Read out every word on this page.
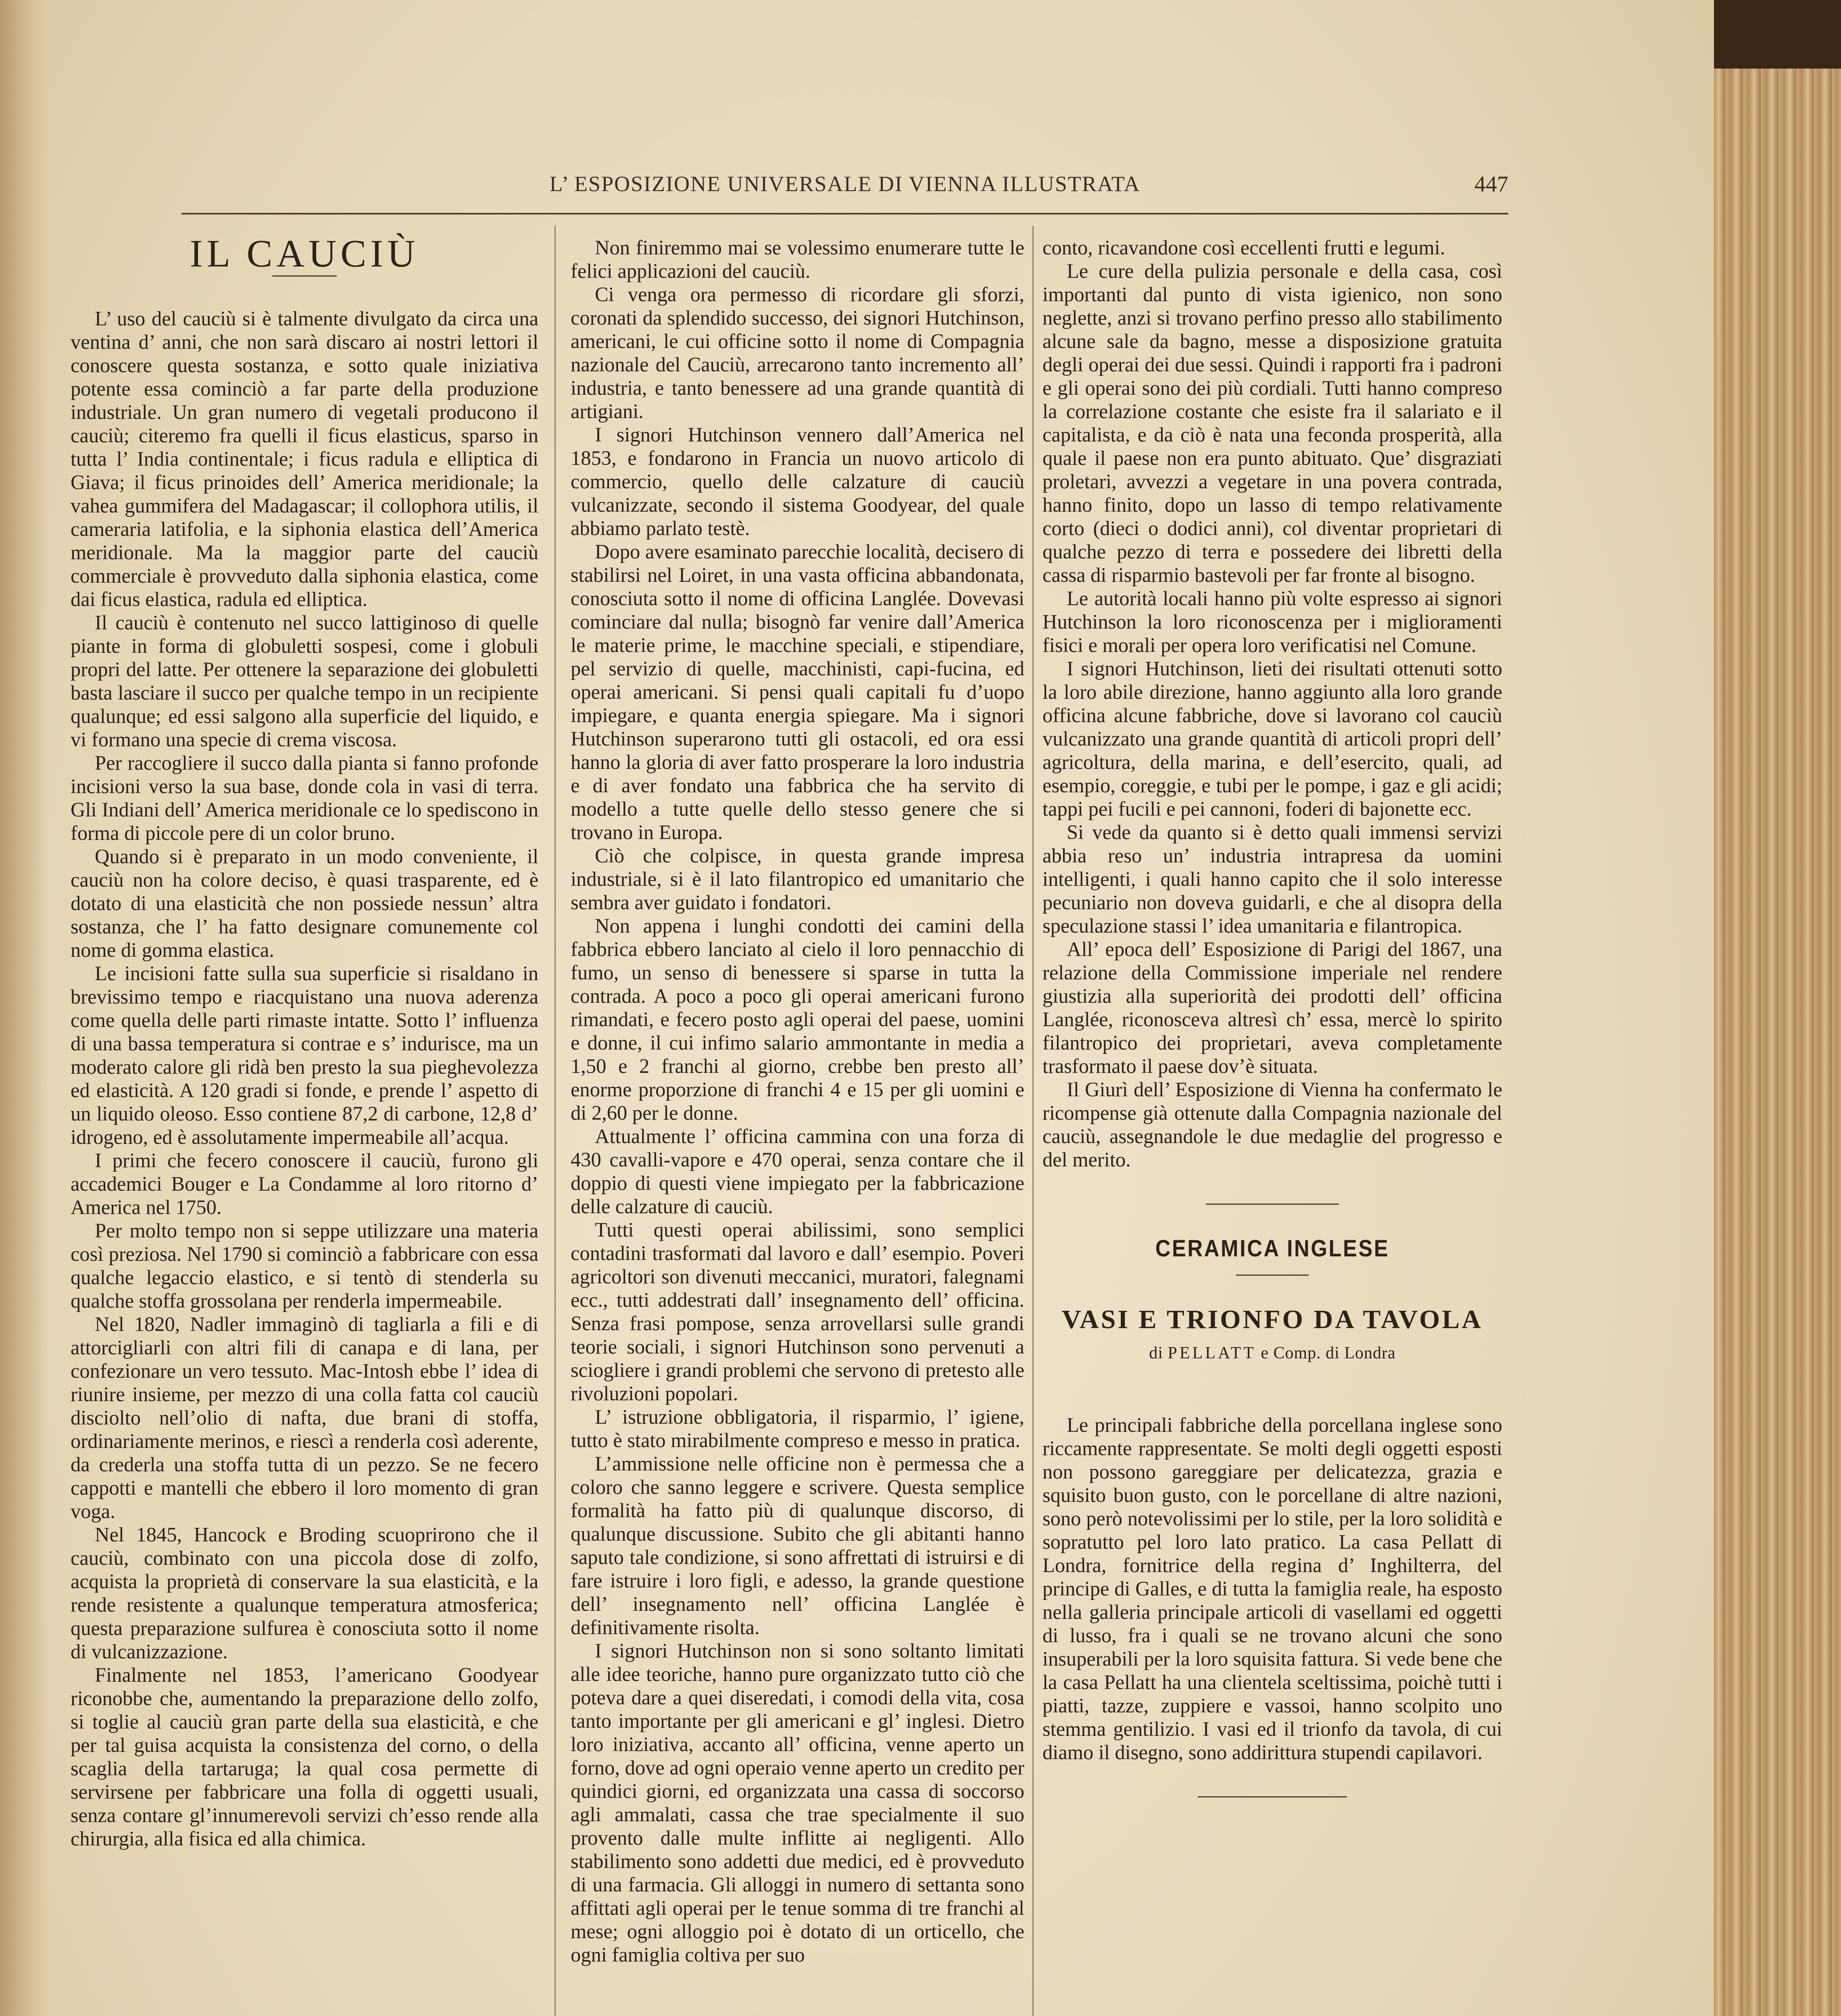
L’ ESPOSIZIONE UNIVERSALE DI VIENNA ILLUSTRATA	447
IL CAUCIÙ

L’ uso del cauciù si è talmente divulgato da circa una ventina d’ anni, che non sarà discaro ai nostri lettori il conoscere questa sostanza, e sotto quale iniziativa potente essa cominciò a far parte della produzione industriale. Un gran numero di vegetali producono il cauciù; citeremo fra quelli il ficus elasticus, sparso in tutta l’ India continentale; i ficus radula e elliptica di Giava; il ficus prinoides dell’ America meridionale; la vahea gummifera del Madagascar; il collophora utilis, il cameraria latifolia, e la siphonia elastica dell’America meridionale. Ma la maggior parte del cauciù commerciale è provveduto dalla siphonia elastica, come dai ficus elastica, radula ed elliptica.

Il cauciù è contenuto nel succo lattiginoso di quelle piante in forma di globuletti sospesi, come i globuli propri del latte. Per ottenere la separazione dei globuletti basta lasciare il succo per qualche tempo in un recipiente qualunque; ed essi salgono alla superficie del liquido, e vi formano una specie di crema viscosa.

Per raccogliere il succo dalla pianta si fanno profonde incisioni verso la sua base, donde cola in vasi di terra. Gli Indiani dell’ America meridionale ce lo spediscono in forma di piccole pere di un color bruno.

Quando si è preparato in un modo conveniente, il cauciù non ha colore deciso, è quasi trasparente, ed è dotato di una elasticità che non possiede nessun’ altra sostanza, che l’ ha fatto designare comunemente col nome di gomma elastica.

Le incisioni fatte sulla sua superficie si risaldano in brevissimo tempo e riacquistano una nuova aderenza come quella delle parti rimaste intatte. Sotto l’ influenza di una bassa temperatura si contrae e s’ indurisce, ma un moderato calore gli ridà ben presto la sua pieghevolezza ed elasticità. A 120 gradi si fonde, e prende l’ aspetto di un liquido oleoso. Esso contiene 87,2 di carbone, 12,8 d’ idrogeno, ed è assolutamente impermeabile all’acqua.

I primi che fecero conoscere il cauciù, furono gli accademici Bouger e La Condamme al loro ritorno d’ America nel 1750.

Per molto tempo non si seppe utilizzare una materia così preziosa. Nel 1790 si cominciò a fabbricare con essa qualche legaccio elastico, e si tentò di stenderla su qualche stoffa grossolana per renderla impermeabile.

Nel 1820, Nadler immaginò di tagliarla a fili e di attorcigliarli con altri fili di canapa e di lana, per confezionare un vero tessuto. Mac-Intosh ebbe l’ idea di riunire insieme, per mezzo di una colla fatta col cauciù disciolto nell’olio di nafta, due brani di stoffa, ordinariamente merinos, e riescì a renderla così aderente, da crederla una stoffa tutta di un pezzo. Se ne fecero cappotti e mantelli che ebbero il loro momento di gran voga.

Nel 1845, Hancock e Broding scuoprirono che il cauciù, combinato con una piccola dose di zolfo, acquista la proprietà di conservare la sua elasticità, e la rende resistente a qualunque temperatura atmosferica; questa preparazione sulfurea è conosciuta sotto il nome di vulcanizzazione.

Finalmente nel 1853, l’americano Goodyear riconobbe che, aumentando la preparazione dello zolfo, si toglie al cauciù gran parte della sua elasticità, e che per tal guisa acquista la consistenza del corno, o della scaglia della tartaruga; la qual cosa permette di servirsene per fabbricare una folla di oggetti usuali, senza contare gl’innumerevoli servizi ch’esso rende alla chirurgia, alla fisica ed alla chimica.

Non finiremmo mai se volessimo enumerare tutte le felici applicazioni del cauciù.

Ci venga ora permesso di ricordare gli sforzi, coronati da splendido successo, dei signori Hutchinson, americani, le cui officine sotto il nome di Compagnia nazionale del Cauciù, arrecarono tanto incremento all’ industria, e tanto benessere ad una grande quantità di artigiani.

I signori Hutchinson vennero dall’America nel 1853, e fondarono in Francia un nuovo articolo di commercio, quello delle calzature di cauciù vulcanizzate, secondo il sistema Goodyear, del quale abbiamo parlato testè.

Dopo avere esaminato parecchie località, decisero di stabilirsi nel Loiret, in una vasta officina abbandonata, conosciuta sotto il nome di officina Langlée. Dovevasi cominciare dal nulla; bisognò far venire dall’America le materie prime, le macchine speciali, e stipendiare, pel servizio di quelle, macchinisti, capi-fucina, ed operai americani. Si pensi quali capitali fu d’uopo impiegare, e quanta energia spiegare. Ma i signori Hutchinson superarono tutti gli ostacoli, ed ora essi hanno la gloria di aver fatto prosperare la loro industria e di aver fondato una fabbrica che ha servito di modello a tutte quelle dello stesso genere che si trovano in Europa.

Ciò che colpisce, in questa grande impresa industriale, si è il lato filantropico ed umanitario che sembra aver guidato i fondatori.

Non appena i lunghi condotti dei camini della fabbrica ebbero lanciato al cielo il loro pennacchio di fumo, un senso di benessere si sparse in tutta la contrada. A poco a poco gli operai americani furono rimandati, e fecero posto agli operai del paese, uomini e donne, il cui infimo salario ammontante in media a 1,50 e 2 franchi al giorno, crebbe ben presto all’ enorme proporzione di franchi 4 e 15 per gli uomini e di 2,60 per le donne.

Attualmente l’ officina cammina con una forza di 430 cavalli-vapore e 470 operai, senza contare che il doppio di questi viene impiegato per la fabbricazione delle calzature di cauciù.

Tutti questi operai abilissimi, sono semplici contadini trasformati dal lavoro e dall’ esempio. Poveri agricoltori son divenuti meccanici, muratori, falegnami ecc., tutti addestrati dall’ insegnamento dell’ officina. Senza frasi pompose, senza arrovellarsi sulle grandi teorie sociali, i signori Hutchinson sono pervenuti a sciogliere i grandi problemi che servono di pretesto alle rivoluzioni popolari.

L’ istruzione obbligatoria, il risparmio, l’ igiene, tutto è stato mirabilmente compreso e messo in pratica.

L’ammissione nelle officine non è permessa che a coloro che sanno leggere e scrivere. Questa semplice formalità ha fatto più di qualunque discorso, di qualunque discussione. Subito che gli abitanti hanno saputo tale condizione, si sono affrettati di istruirsi e di fare istruire i loro figli, e adesso, la grande questione dell’ insegnamento nell’ officina Langlée è definitivamente risolta.

I signori Hutchinson non si sono soltanto limitati alle idee teoriche, hanno pure organizzato tutto ciò che poteva dare a quei diseredati, i comodi della vita, cosa tanto importante per gli americani e gl’ inglesi. Dietro loro iniziativa, accanto all’ officina, venne aperto un forno, dove ad ogni operaio venne aperto un credito per quindici giorni, ed organizzata una cassa di soccorso agli ammalati, cassa che trae specialmente il suo provento dalle multe inflitte ai negligenti. Allo stabilimento sono addetti due medici, ed è provveduto di una farmacia. Gli alloggi in numero di settanta sono affittati agli operai per le tenue somma di tre franchi al mese; ogni alloggio poi è dotato di un orticello, che ogni famiglia coltiva per suo

conto, ricavandone così eccellenti frutti e legumi.

Le cure della pulizia personale e della casa, così importanti dal punto di vista igienico, non sono neglette, anzi si trovano perfino presso allo stabilimento alcune sale da bagno, messe a disposizione gratuita degli operai dei due sessi. Quindi i rapporti fra i padroni e gli operai sono dei più cordiali. Tutti hanno compreso la correlazione costante che esiste fra il salariato e il capitalista, e da ciò è nata una feconda prosperità, alla quale il paese non era punto abituato. Que’ disgraziati proletari, avvezzi a vegetare in una povera contrada, hanno finito, dopo un lasso di tempo relativamente corto (dieci o dodici anni), col diventar proprietari di qualche pezzo di terra e possedere dei libretti della cassa di risparmio bastevoli per far fronte al bisogno.

Le autorità locali hanno più volte espresso ai signori Hutchinson la loro riconoscenza per i miglioramenti fisici e morali per opera loro verificatisi nel Comune.

I signori Hutchinson, lieti dei risultati ottenuti sotto la loro abile direzione, hanno aggiunto alla loro grande officina alcune fabbriche, dove si lavorano col cauciù vulcanizzato una grande quantità di articoli propri dell’ agricoltura, della marina, e dell’esercito, quali, ad esempio, coreggie, e tubi per le pompe, i gaz e gli acidi; tappi pei fucili e pei cannoni, foderi di bajonette ecc.

Si vede da quanto si è detto quali immensi servizi abbia reso un’ industria intrapresa da uomini intelligenti, i quali hanno capito che il solo interesse pecuniario non doveva guidarli, e che al disopra della speculazione stassi l’ idea umanitaria e filantropica.

All’ epoca dell’ Esposizione di Parigi del 1867, una relazione della Commissione imperiale nel rendere giustizia alla superiorità dei prodotti dell’ officina Langlée, riconosceva altresì ch’ essa, mercè lo spirito filantropico dei proprietari, aveva completamente trasformato il paese dov’è situata.

Il Giurì dell’ Esposizione di Vienna ha confermato le ricompense già ottenute dalla Compagnia nazionale del cauciù, assegnandole le due medaglie del progresso e del merito.

CERAMICA INGLESE
VASI E TRIONFO DA TAVOLA
di PELLATT e Comp. di Londra

Le principali fabbriche della porcellana inglese sono riccamente rappresentate. Se molti degli oggetti esposti non possono gareggiare per delicatezza, grazia e squisito buon gusto, con le porcellane di altre nazioni, sono però notevolissimi per lo stile, per la loro solidità e sopratutto pel loro lato pratico. La casa Pellatt di Londra, fornitrice della regina d’ Inghilterra, del principe di Galles, e di tutta la famiglia reale, ha esposto nella galleria principale articoli di vasellami ed oggetti di lusso, fra i quali se ne trovano alcuni che sono insuperabili per la loro squisita fattura. Si vede bene che la casa Pellatt ha una clientela sceltissima, poichè tutti i piatti, tazze, zuppiere e vassoi, hanno scolpito uno stemma gentilizio. I vasi ed il trionfo da tavola, di cui diamo il disegno, sono addirittura stupendi capilavori.
